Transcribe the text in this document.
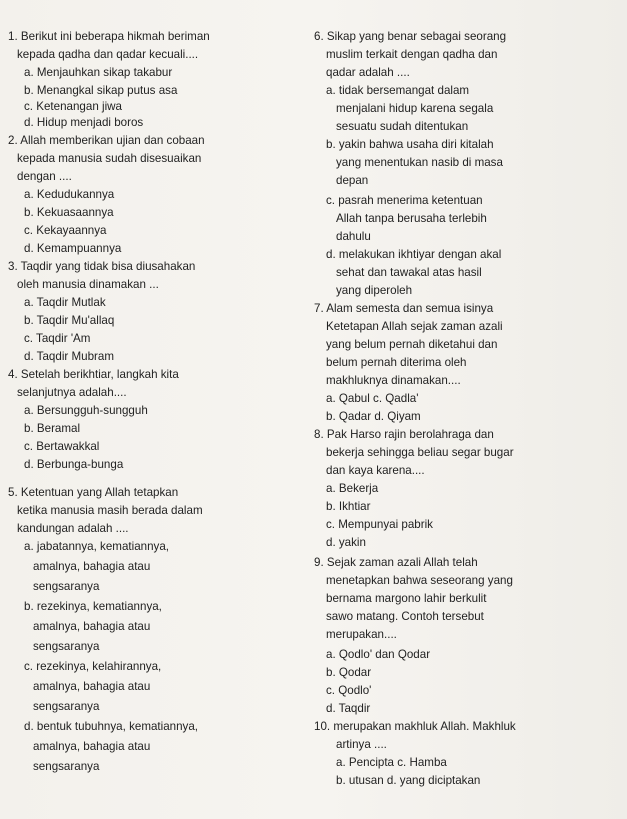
1. Berikut ini beberapa hikmah beriman
kepada qadha dan qadar kecuali....
a. Menjauhkan sikap takabur
b. Menangkal sikap putus asa
c. Ketenangan jiwa
d. Hidup menjadi boros
2. Allah memberikan ujian dan cobaan
kepada manusia sudah disesuaikan
dengan ....
a. Kedudukannya
b. Kekuasaannya
c. Kekayaannya
d. Kemampuannya
3. Taqdir yang tidak bisa diusahakan
oleh manusia dinamakan ...
a. Taqdir Mutlak
b. Taqdir Mu'allaq
c. Taqdir 'Am
d. Taqdir Mubram
4. Setelah berikhtiar, langkah kita
selanjutnya adalah....
a. Bersungguh-sungguh
b. Beramal
c. Bertawakkal
d. Berbunga-bunga
5. Ketentuan yang Allah tetapkan
ketika manusia masih berada dalam
kandungan adalah ....
a. jabatannya, kematiannya,
amalnya, bahagia atau
sengsaranya
b. rezekinya, kematiannya,
amalnya, bahagia atau
sengsaranya
c. rezekinya, kelahirannya,
amalnya, bahagia atau
sengsaranya
d. bentuk tubuhnya, kematiannya,
amalnya, bahagia atau
sengsaranya
6. Sikap yang benar sebagai seorang
muslim terkait dengan qadha dan
qadar adalah ....
a. tidak bersemangat dalam
menjalani hidup karena segala
sesuatu sudah ditentukan
b. yakin bahwa usaha diri kitalah
yang menentukan nasib di masa
depan
c. pasrah menerima ketentuan
Allah tanpa berusaha terlebih
dahulu
d. melakukan ikhtiyar dengan akal
sehat dan tawakal atas hasil
yang diperoleh
7. Alam semesta dan semua isinya
Ketetapan Allah sejak zaman azali
yang belum pernah diketahui dan
belum pernah diterima oleh
makhluknya dinamakan....
a. Qabul c. Qadla'
b. Qadar d. Qiyam
8. Pak Harso rajin berolahraga dan
bekerja sehingga beliau segar bugar
dan kaya karena....
a. Bekerja
b. Ikhtiar
c. Mempunyai pabrik
d. yakin
9. Sejak zaman azali Allah telah
menetapkan bahwa seseorang yang
bernama margono lahir berkulit
sawo matang. Contoh tersebut
merupakan....
a. Qodlo' dan Qodar
b. Qodar
c. Qodlo'
d. Taqdir
10. merupakan makhluk Allah. Makhluk
artinya ....
a. Pencipta c. Hamba
b. utusan d. yang diciptakan
